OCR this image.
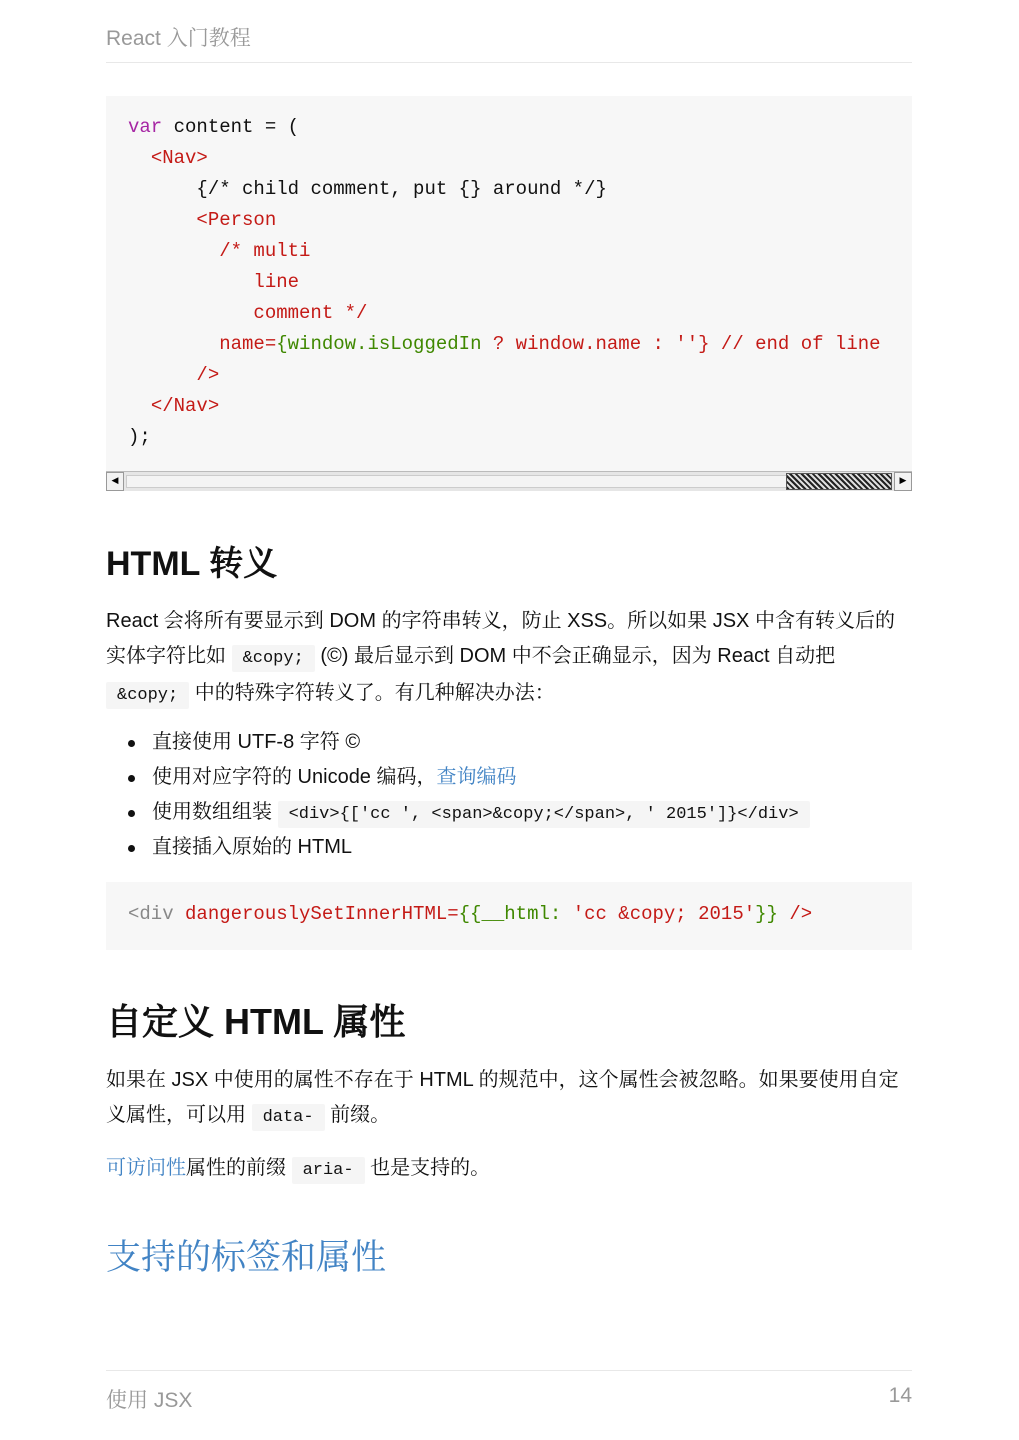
React 入门教程
var content = (
<Nav>
{/* child comment, put {} around */}
<Person
/* multi
line
comment */
name={window.isLoggedIn ? window.name : ''} // end of line
/>
</Nav>
);
◀	▶
HTML 转义

React 会将所有要显示到 DOM 的字符串转义，防止 XSS。所以如果 JSX 中含有转义后的实体字符比如 &copy; (©) 最后显示到 DOM 中不会正确显示，因为 React 自动把 &copy; 中的特殊字符转义了。有几种解决办法：

直接使用 UTF-8 字符 ©
使用对应字符的 Unicode 编码，查询编码
使用数组组装 <div>{['cc ', <span>&copy;</span>, ' 2015']}</div>
直接插入原始的 HTML
<div dangerouslySetInnerHTML={{__html: 'cc &copy; 2015'}} />
自定义 HTML 属性

如果在 JSX 中使用的属性不存在于 HTML 的规范中，这个属性会被忽略。如果要使用自定义属性，可以用 data- 前缀。

可访问性属性的前缀 aria- 也是支持的。

支持的标签和属性
使用 JSX	14
